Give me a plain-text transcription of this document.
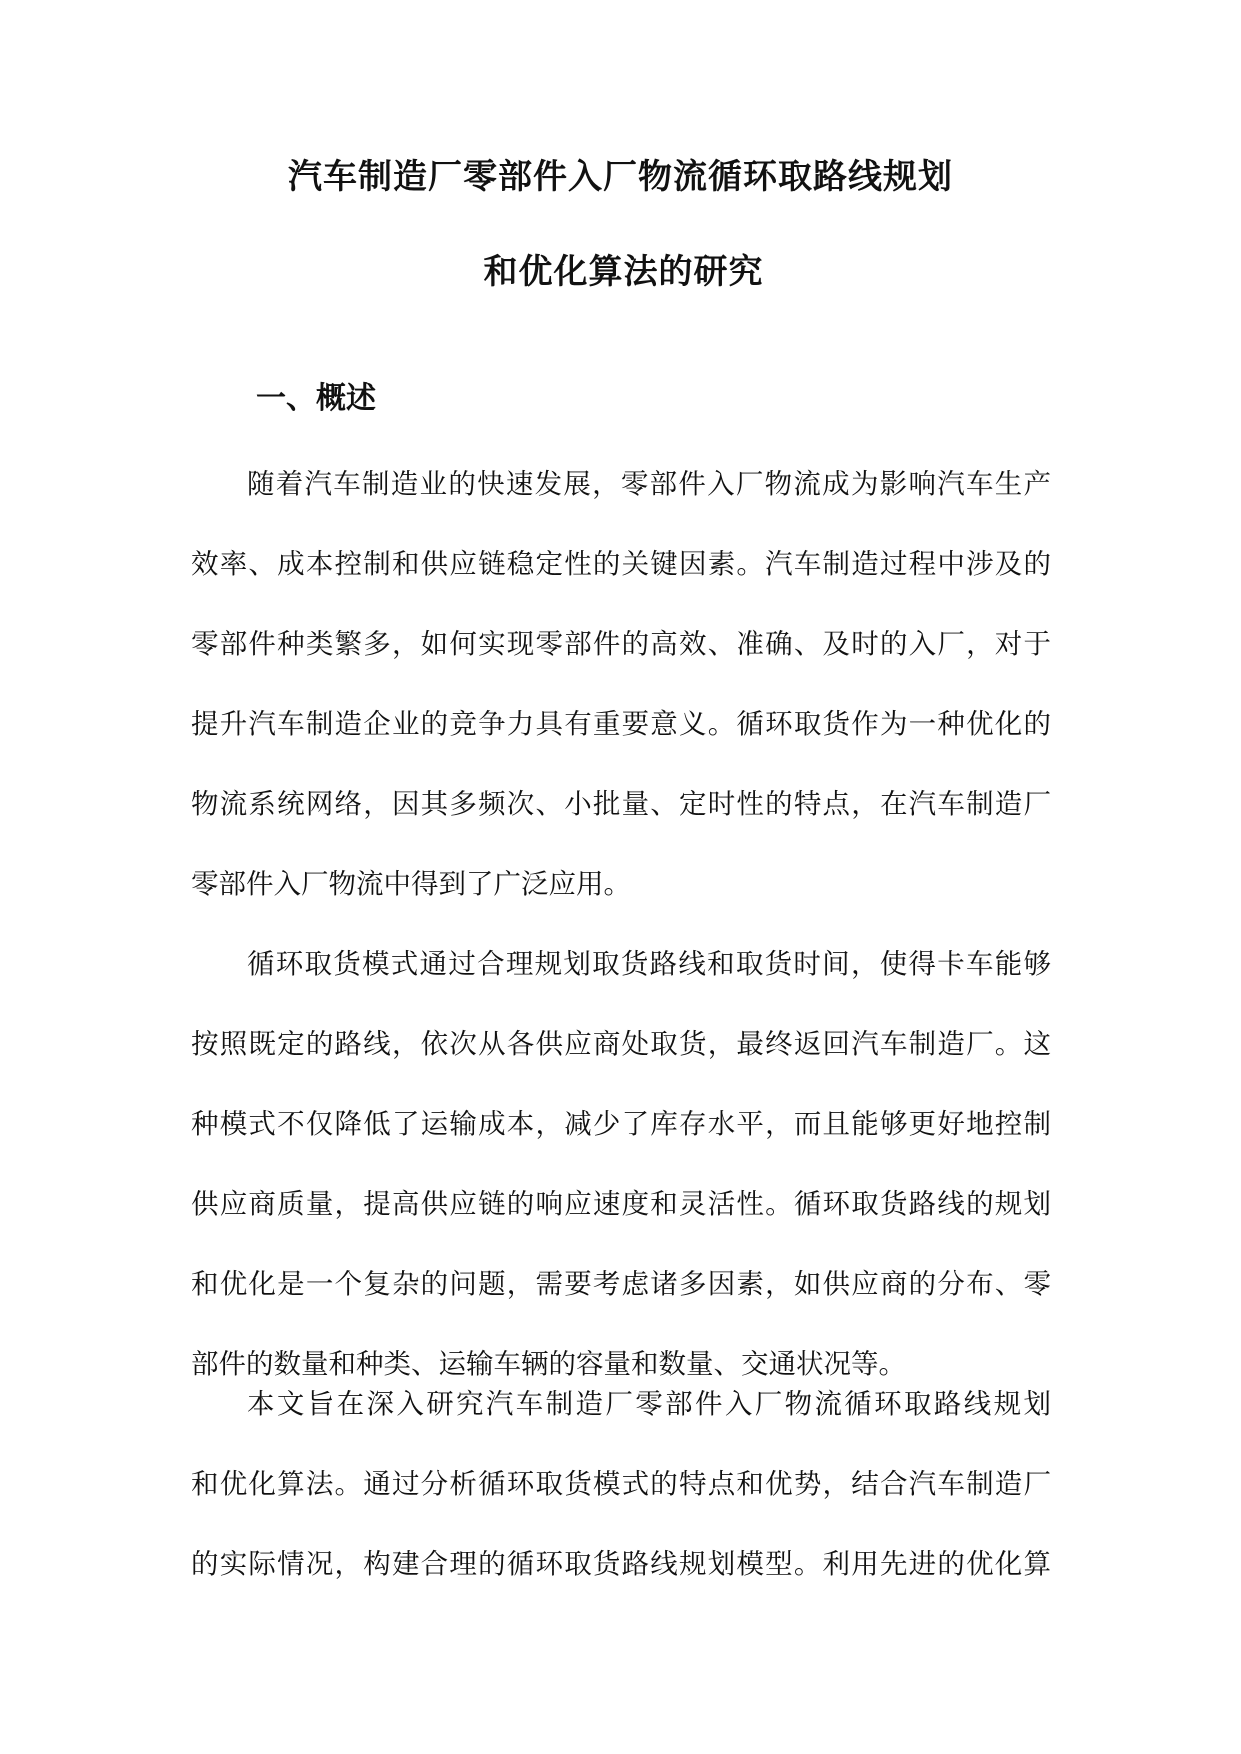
汽车制造厂零部件入厂物流循环取路线规划
和优化算法的研究
一、概述
随着汽车制造业的快速发展，零部件入厂物流成为影响汽车生产
效率、成本控制和供应链稳定性的关键因素。汽车制造过程中涉及的
零部件种类繁多，如何实现零部件的高效、准确、及时的入厂，对于
提升汽车制造企业的竞争力具有重要意义。循环取货作为一种优化的
物流系统网络，因其多频次、小批量、定时性的特点，在汽车制造厂
零部件入厂物流中得到了广泛应用。
循环取货模式通过合理规划取货路线和取货时间，使得卡车能够
按照既定的路线，依次从各供应商处取货，最终返回汽车制造厂。这
种模式不仅降低了运输成本，减少了库存水平，而且能够更好地控制
供应商质量，提高供应链的响应速度和灵活性。循环取货路线的规划
和优化是一个复杂的问题，需要考虑诸多因素，如供应商的分布、零
部件的数量和种类、运输车辆的容量和数量、交通状况等。
本文旨在深入研究汽车制造厂零部件入厂物流循环取路线规划
和优化算法。通过分析循环取货模式的特点和优势，结合汽车制造厂
的实际情况，构建合理的循环取货路线规划模型。利用先进的优化算
